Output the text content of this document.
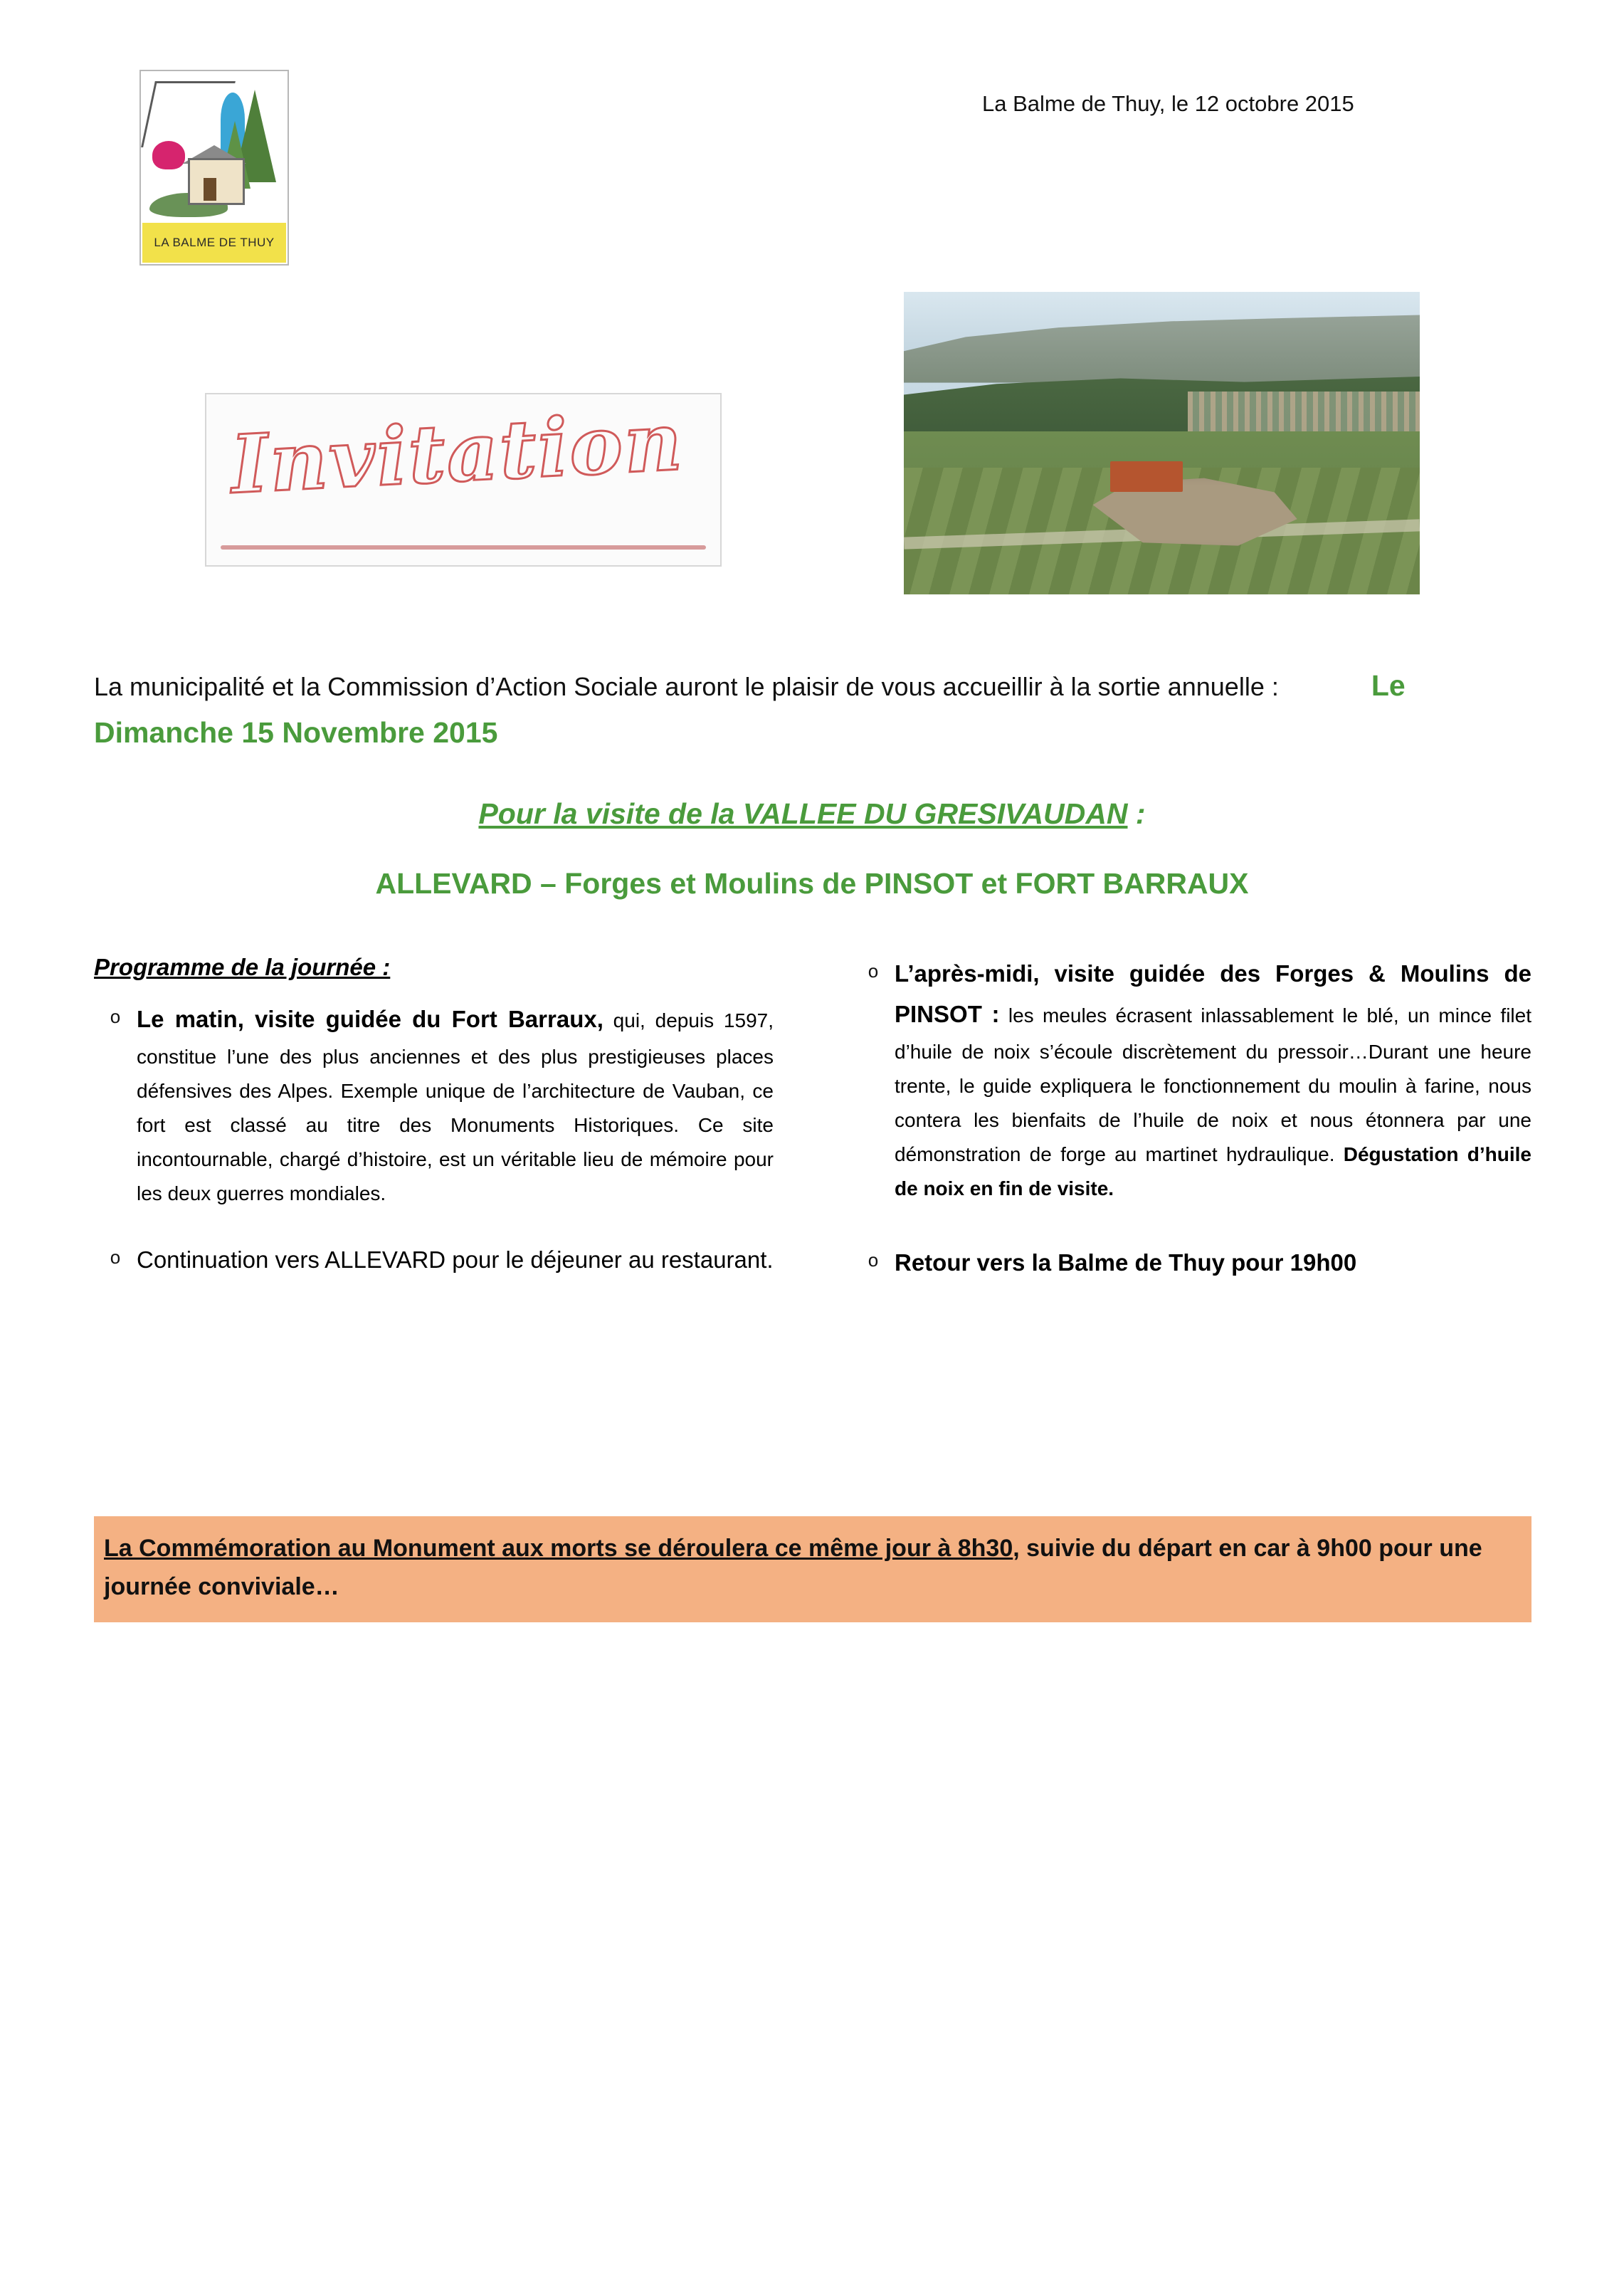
LA BALME DE THUY
La Balme de Thuy, le 12 octobre 2015
Invitation
La municipalité et la Commission d’Action Sociale auront le plaisir de vous accueillir à la sortie annuelle :	Le Dimanche 15 Novembre 2015
Pour la visite de la VALLEE DU GRESIVAUDAN :
ALLEVARD – Forges et Moulins de PINSOT et FORT BARRAUX
Programme de la journée :
o Le matin, visite guidée du Fort Barraux, qui, depuis 1597, constitue l’une des plus anciennes et des plus prestigieuses places défensives des Alpes. Exemple unique de l’architecture de Vauban, ce fort est classé au titre des Monuments Historiques. Ce site incontournable, chargé d’histoire, est un véritable lieu de mémoire pour les deux guerres mondiales.
o Continuation vers ALLEVARD pour le déjeuner au restaurant.
o L’après-midi, visite guidée des Forges & Moulins de PINSOT : les meules écrasent inlassablement le blé, un mince filet d’huile de noix s’écoule discrètement du pressoir…Durant une heure trente, le guide expliquera le fonctionnement du moulin à farine, nous contera les bienfaits de l’huile de noix et nous étonnera par une démonstration de forge au martinet hydraulique. Dégustation d’huile de noix en fin de visite.
o Retour vers la Balme de Thuy pour 19h00
La Commémoration au Monument aux morts se déroulera ce même jour à 8h30, suivie du départ en car à 9h00 pour une journée conviviale…
